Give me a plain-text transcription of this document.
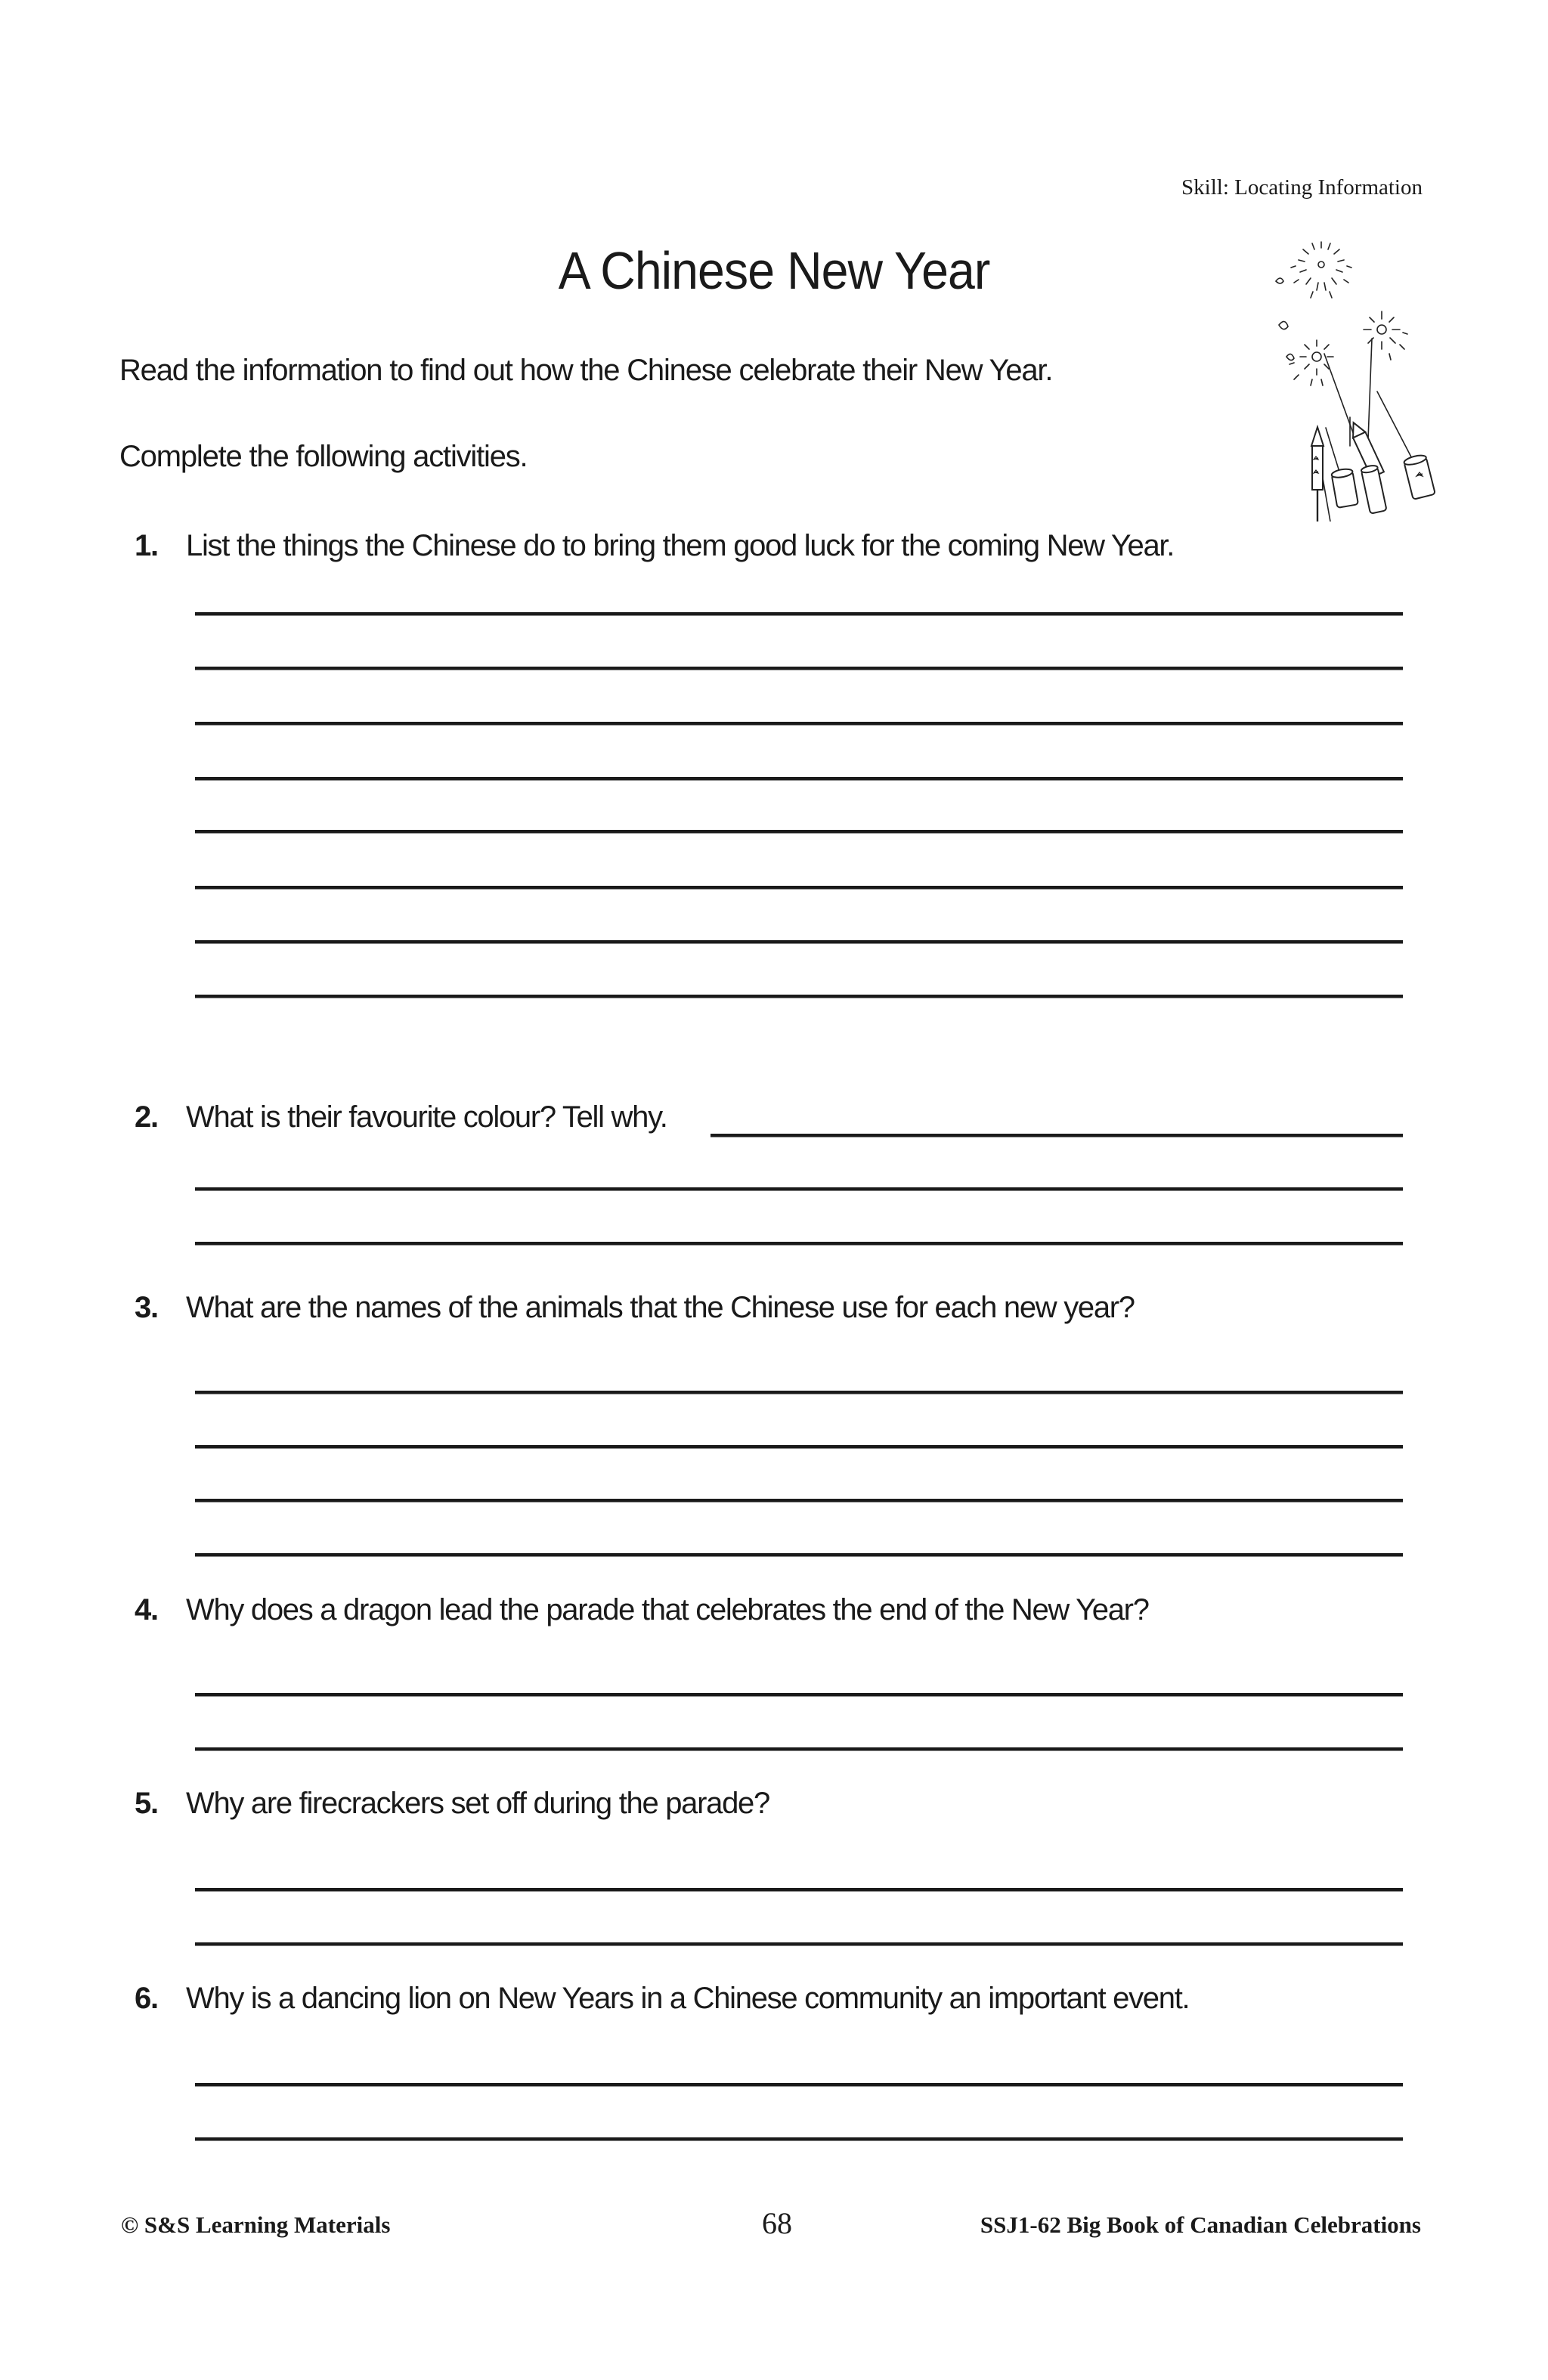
Skill: Locating Information
A Chinese New Year
Read the information to find out how the Chinese celebrate their New Year.
Complete the following activities.
1. List the things the Chinese do to bring them good luck for the coming New Year.
2. What is their favourite colour? Tell why.
3. What are the names of the animals that the Chinese use for each new year?
4. Why does a dragon lead the parade that celebrates the end of the New Year?
5. Why are firecrackers set off during the parade?
6. Why is a dancing lion on New Years in a Chinese community an important event.
© S&S Learning Materials	68	SSJ1-62 Big Book of Canadian Celebrations
